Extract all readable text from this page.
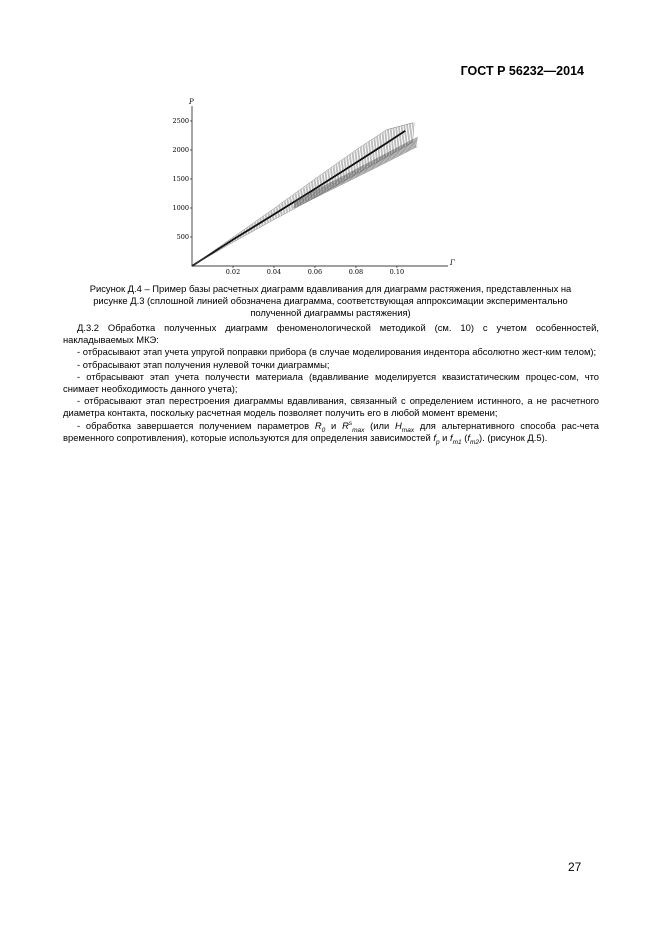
ГОСТ Р 56232—2014
P
Γ
500
1000
1500
2000
2500
0.02	0.04	0.06	0.08	0.10
Рисунок Д.4 – Пример базы расчетных диаграмм вдавливания для диаграмм растяжения, представленных на
рисунке Д.3 (сплошной линией обозначена диаграмма, соответствующая аппроксимации экспериментально
полученной диаграммы растяжения)

Д.3.2 Обработка полученных диаграмм феноменологической методикой (см. 10) с учетом особенностей, накладываемых МКЭ:

- отбрасывают этап учета упругой поправки прибора (в случае моделирования индентора абсолютно жест-ким телом);

- отбрасывают этап получения нулевой точки диаграммы;

- отбрасывают этап учета получести материала (вдавливание моделируется квазистатическим процес-сом, что снимает необходимость данного учета);

- отбрасывают этап перестроения диаграммы вдавливания, связанный с определением истинного, а не расчетного диаметра контакта, поскольку расчетная модель позволяет получить его в любой момент времени;

- обработка завершается получением параметров $R_0$ и $R^s_{max}$ (или $H_{max}$ для альтернативного способа рас-чета временного сопротивления), которые используются для определения зависимостей $f_p$ и $f_{m1}$ $(f_{m2})$. (рисунок Д.5).

27
